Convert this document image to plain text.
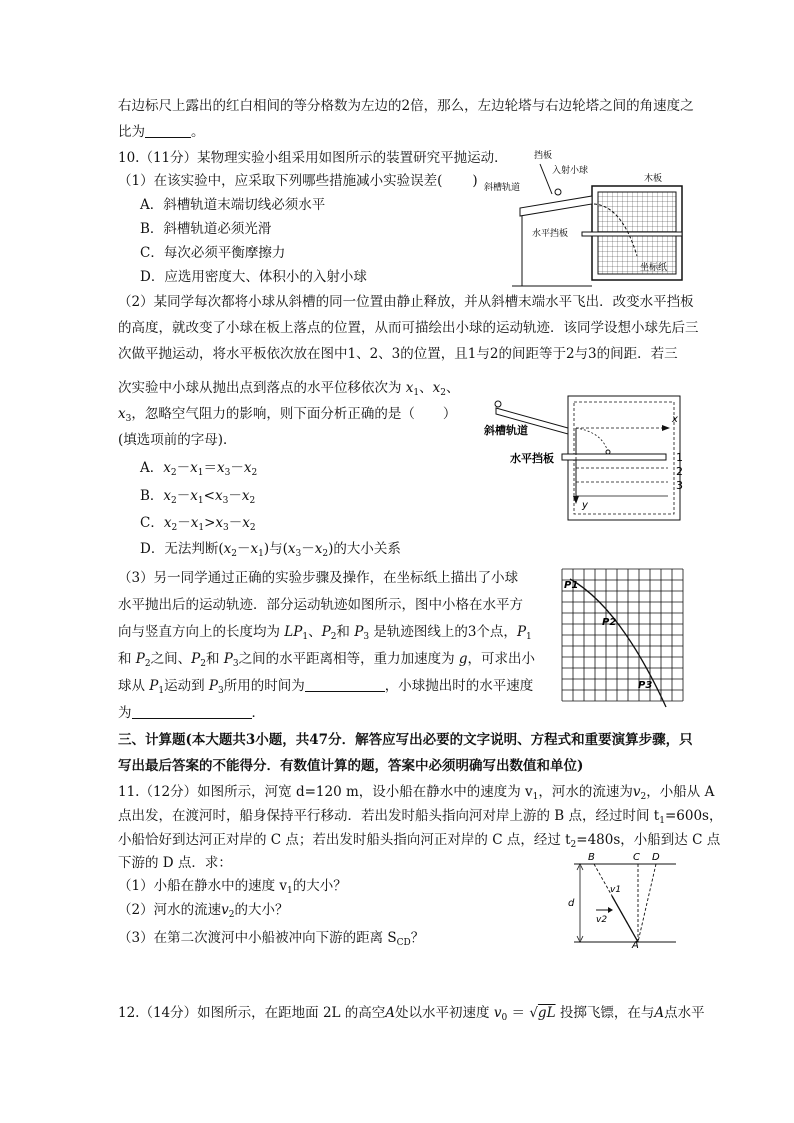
右边标尺上露出的红白相间的等分格数为左边的2倍，那么，左边轮塔与右边轮塔之间的角速度之
比为	。
10.（11分）某物理实验小组采用如图所示的装置研究平抛运动．
（1）在该实验中，应采取下列哪些措施减小实验误差( )
A．斜槽轨道末端切线必须水平
B．斜槽轨道必须光滑
C．每次必须平衡摩擦力
D．应选用密度大、体积小的入射小球
挡板
入射小球
斜槽轨道
木板
水平挡板
坐标纸
（2）某同学每次都将小球从斜槽的同一位置由静止释放，并从斜槽末端水平飞出．改变水平挡板
的高度，就改变了小球在板上落点的位置，从而可描绘出小球的运动轨迹．该同学设想小球先后三
次做平抛运动，将水平板依次放在图中1、2、3的位置，且1与2的间距等于2与3的间距．若三
次实验中小球从抛出点到落点的水平位移依次为 $x_1$、$x_2$、
$x_3$，忽略空气阻力的影响，则下面分析正确的是（ ）
(填选项前的字母)．
A．$x_2-x_1=x_3-x_2$
B．$x_2-x_1<x_3-x_2$
C．$x_2-x_1>x_3-x_2$
D．无法判断$(x_2-x_1)$与$(x_3-x_2)$的大小关系
斜槽轨道
水平挡板	1
2
3
x
y
（3）另一同学通过正确的实验步骤及操作，在坐标纸上描出了小球
水平抛出后的运动轨迹．部分运动轨迹如图所示，图中小格在水平方
向与竖直方向上的长度均为 $LP_1$、$P_2$和 $P_3$ 是轨迹图线上的3个点，$P_1$
和 $P_2$之间、$P_2$和 $P_3$之间的水平距离相等，重力加速度为 g，可求出小
球从 $P_1$运动到 $P_3$所用的时间为	，小球抛出时的水平速度
为	．
P1
P2
P3
三、计算题(本大题共3小题，共47分．解答应写出必要的文字说明、方程式和重要演算步骤，只
写出最后答案的不能得分．有数值计算的题，答案中必须明确写出数值和单位)
11.（12分）如图所示，河宽 d=120 m，设小船在静水中的速度为 $v_1$，河水的流速为$v_2$，小船从 A
点出发，在渡河时，船身保持平行移动．若出发时船头指向河对岸上游的 B 点，经过时间 $t_1=600s$，
小船恰好到达河正对岸的 C 点；若出发时船头指向河正对岸的 C 点，经过 $t_2=480s$，小船到达 C 点
下游的 D 点．求：
（1）小船在静水中的速度 $v_1$的大小？
（2）河水的流速$v_2$的大小？
（3）在第二次渡河中小船被冲向下游的距离 $S_{CD}$？
B	C D
A
d
v1
v2
12.（14分）如图所示，在距地面 2L 的高空A处以水平初速度 $v_0 = √gL$ 投掷飞镖，在与A点水平
